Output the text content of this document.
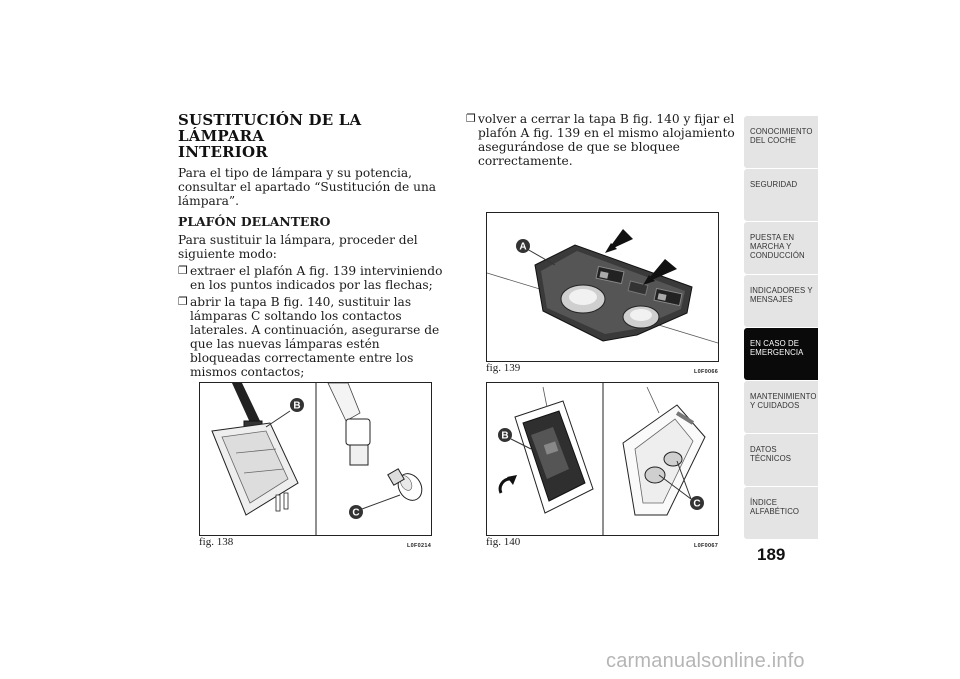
SUSTITUCIÓN DE LA LÁMPARA
INTERIOR

Para el tipo de lámpara y su potencia, consultar el apartado “Sustitución de una lámpara”.

PLAFÓN DELANTERO

Para sustituir la lámpara, proceder del siguiente modo:

❐ extraer el plafón A fig. 139 interviniendo en los puntos indicados por las flechas;
❐ abrir la tapa B fig. 140, sustituir las lámparas C soltando los contactos laterales. A continuación, asegurarse de que las nuevas lámparas estén bloqueadas correctamente entre los mismos contactos;
❐ volver a cerrar la tapa B fig. 140 y fijar el plafón A fig. 139 en el mismo alojamiento asegurándose de que se bloquee correctamente.
A
fig. 139	L0F0066
B
C
fig. 138	L0F0214
B
C
fig. 140	L0F0067
CONOCIMIENTO DEL COCHE
SEGURIDAD
PUESTA EN MARCHA Y CONDUCCIÓN
INDICADORES Y MENSAJES
EN CASO DE EMERGENCIA
MANTENIMIENTO Y CUIDADOS
DATOS TÉCNICOS
ÍNDICE ALFABÉTICO
189
carmanualsonline.info
